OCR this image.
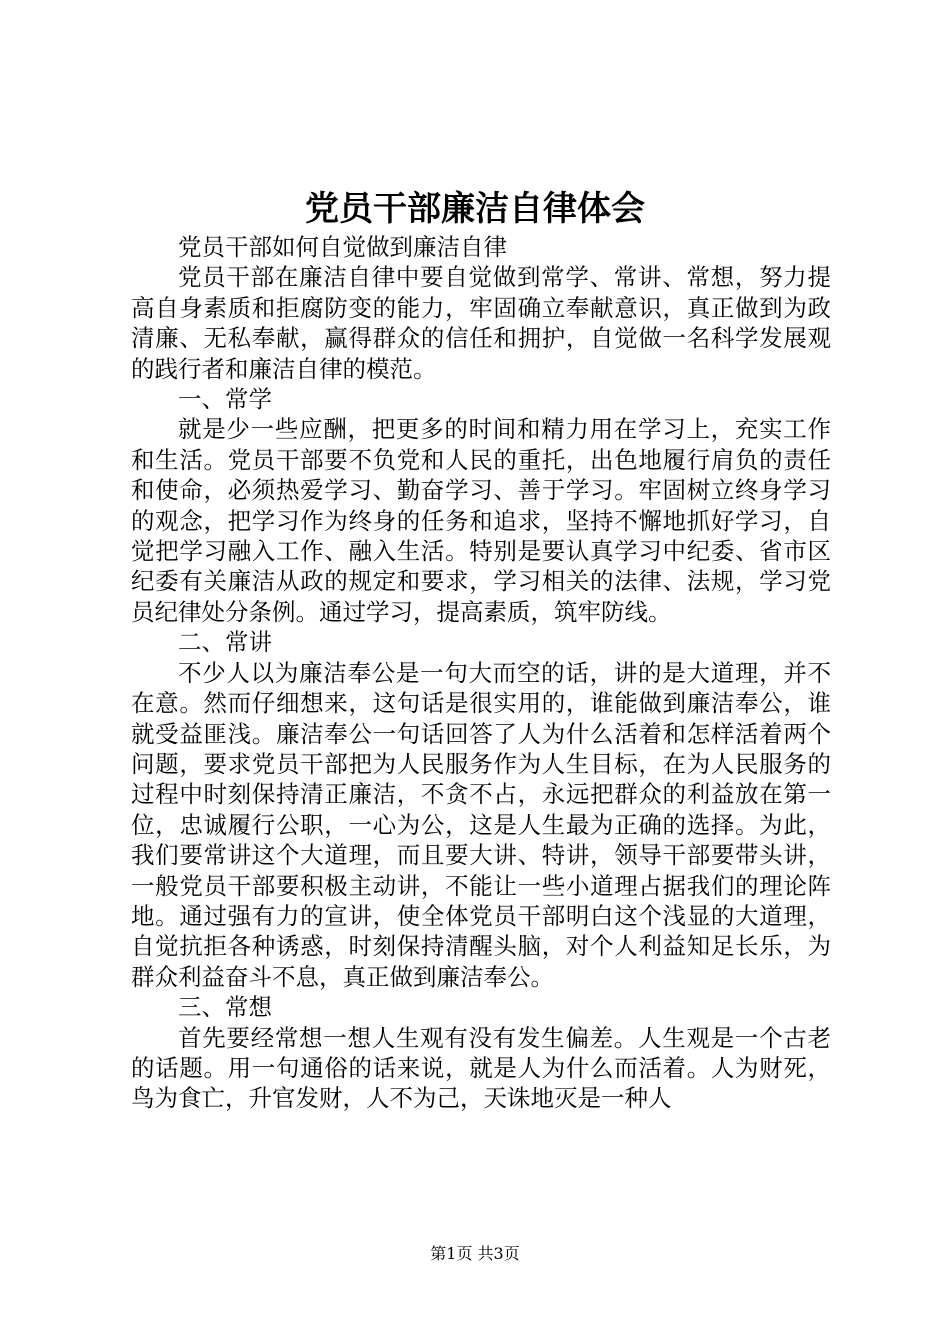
党员干部廉洁自律体会

党员干部如何自觉做到廉洁自律

党员干部在廉洁自律中要自觉做到常学、常讲、常想，努力提高自身素质和拒腐防变的能力，牢固确立奉献意识，真正做到为政清廉、无私奉献，赢得群众的信任和拥护，自觉做一名科学发展观的践行者和廉洁自律的模范。

一、常学

就是少一些应酬，把更多的时间和精力用在学习上，充实工作和生活。党员干部要不负党和人民的重托，出色地履行肩负的责任和使命，必须热爱学习、勤奋学习、善于学习。牢固树立终身学习的观念，把学习作为终身的任务和追求，坚持不懈地抓好学习，自觉把学习融入工作、融入生活。特别是要认真学习中纪委、省市区纪委有关廉洁从政的规定和要求，学习相关的法律、法规，学习党员纪律处分条例。通过学习，提高素质，筑牢防线。

二、常讲

不少人以为廉洁奉公是一句大而空的话，讲的是大道理，并不在意。然而仔细想来，这句话是很实用的，谁能做到廉洁奉公，谁就受益匪浅。廉洁奉公一句话回答了人为什么活着和怎样活着两个问题，要求党员干部把为人民服务作为人生目标，在为人民服务的过程中时刻保持清正廉洁，不贪不占，永远把群众的利益放在第一位，忠诚履行公职，一心为公，这是人生最为正确的选择。为此，我们要常讲这个大道理，而且要大讲、特讲，领导干部要带头讲，一般党员干部要积极主动讲，不能让一些小道理占据我们的理论阵地。通过强有力的宣讲，使全体党员干部明白这个浅显的大道理，自觉抗拒各种诱惑，时刻保持清醒头脑，对个人利益知足长乐，为群众利益奋斗不息，真正做到廉洁奉公。

三、常想

首先要经常想一想人生观有没有发生偏差。人生观是一个古老的话题。用一句通俗的话来说，就是人为什么而活着。人为财死，鸟为食亡，升官发财，人不为己，天诛地灭是一种人

第1页 共3页
